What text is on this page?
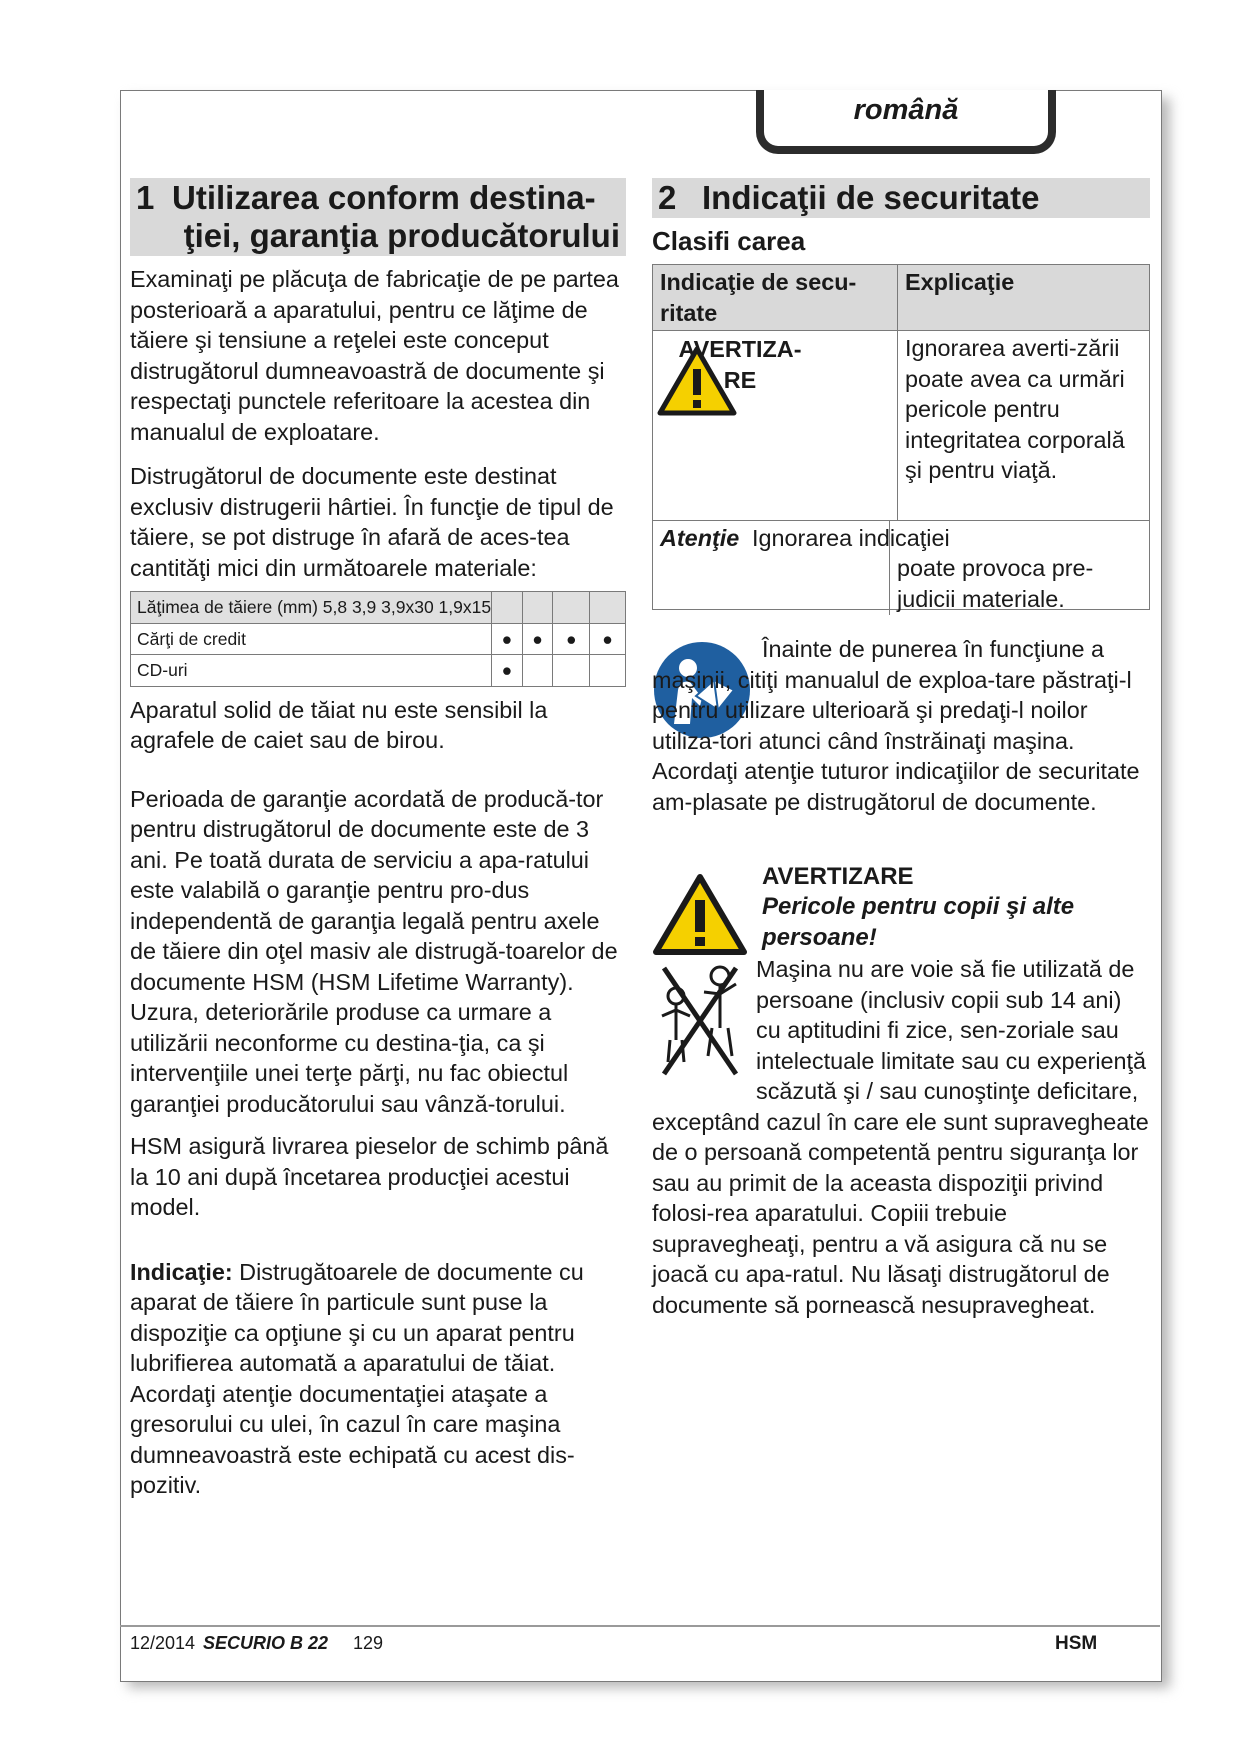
română
1 Utilizarea conform destina-
ţiei, garanţia producătorului

Examinaţi pe plăcuţa de fabricaţie de pe partea posterioară a aparatului, pentru ce lăţime de tăiere şi tensiune a reţelei este conceput distrugătorul dumneavoastră de documente şi respectaţi punctele referitoare la acestea din manualul de exploatare.

Distrugătorul de documente este destinat exclusiv distrugerii hârtiei. În funcţie de tipul de tăiere, se pot distruge în afară de aces-tea cantităţi mici din următoarele materiale:

Lăţimea de tăiere (mm) 5,8 3,9 3,9x30 1,9x15				
Cărţi de credit	●	●	●	●
CD-uri	●			

Aparatul solid de tăiat nu este sensibil la agrafele de caiet sau de birou.

Perioada de garanţie acordată de producă-tor pentru distrugătorul de documente este de 3 ani. Pe toată durata de serviciu a apa-ratului este valabilă o garanţie pentru pro-dus independentă de garanţia legală pentru axele de tăiere din oţel masiv ale distrugă-toarelor de documente HSM (HSM Lifetime Warranty). Uzura, deteriorările produse ca urmare a utilizării neconforme cu destina-ţia, ca şi intervenţiile unei terţe părţi, nu fac obiectul garanţiei producătorului sau vânză-torului.

HSM asigură livrarea pieselor de schimb până la 10 ani după încetarea producţiei acestui model.

Indicaţie: Distrugătoarele de documente cu aparat de tăiere în particule sunt puse la dispoziţie ca opţiune şi cu un aparat pentru lubrifierea automată a aparatului de tăiat. Acordaţi atenţie documentaţiei ataşate a gresorului cu ulei, în cazul în care maşina dumneavoastră este echipată cu acest dis-pozitiv.

2 Indicaţii de securitate
Clasifi carea
Indicaţie de secu-ritate	Explicaţie

AVERTIZA-RE	Ignorarea averti-zării poate avea ca urmări pericole pentru integritatea corporală şi pentru viaţă.

Atenţie Ignorarea indicaţiei
poate provoca pre-judicii materiale.	
Înainte de punerea în funcţiune a maşinii, citiţi manualul de exploa-tare păstraţi-l pentru utilizare ulterioară şi predaţi-l noilor utiliza-tori atunci când înstrăinaţi maşina. Acordaţi atenţie tuturor indicaţiilor de securitate am-plasate pe distrugătorul de documente.
AVERTIZARE
Pericole pentru copii şi alte persoane!
Maşina nu are voie să fie utilizată de persoane (inclusiv copii sub 14 ani) cu aptitudini fi zice, sen-zoriale sau intelectuale limitate sau cu experienţă scăzută şi / sau cunoştinţe deficitare, exceptând cazul în care ele sunt supravegheate de o persoană competentă pentru siguranţa lor sau au primit de la aceasta dispoziţii privind folosi-rea aparatului. Copiii trebuie supravegheaţi, pentru a vă asigura că nu se joacă cu apa-ratul. Nu lăsaţi distrugătorul de documente să pornească nesupravegheat.
12/2014 SECURIO B 22 129	HSM
